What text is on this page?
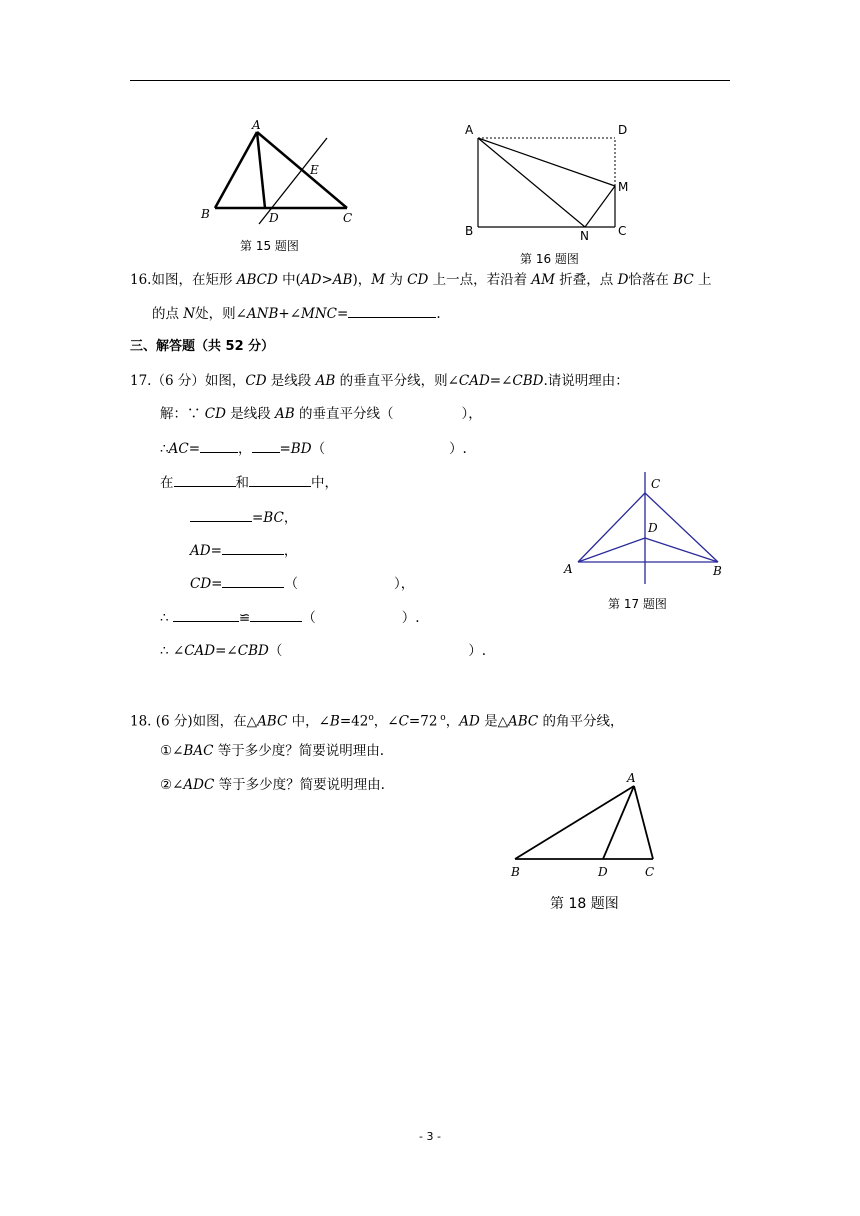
A
B	C
D
E
第 15 题图
A	D
M
B	N C
第 16 题图
16.如图，在矩形 ABCD 中(AD>AB)，M 为 CD 上一点，若沿着 AM 折叠，点 D恰落在 BC 上
的点 N处，则∠ANB+∠MNC=	.
三、解答题（共 52 分）
17.（6 分）如图，CD 是线段 AB 的垂直平分线，则∠CAD=∠CBD.请说明理由：
解：∵ CD 是线段 AB 的垂直平分线（	），
∴AC=	， =BD（	）.
在	和	中，
=BC，
AD=	，
CD=	（	），
∴	≌	（	）.
∴ ∠CAD=∠CBD（	）.
C
D
A	B
第 17 题图
18. (6 分)如图，在△ABC 中，$\angle B=42^o$，∠C=72 $^o$，AD 是△ABC 的角平分线，
①∠BAC 等于多少度？简要说明理由.
②∠ADC 等于多少度？简要说明理由.	A
B	D	C
第 18 题图
- 3 -
